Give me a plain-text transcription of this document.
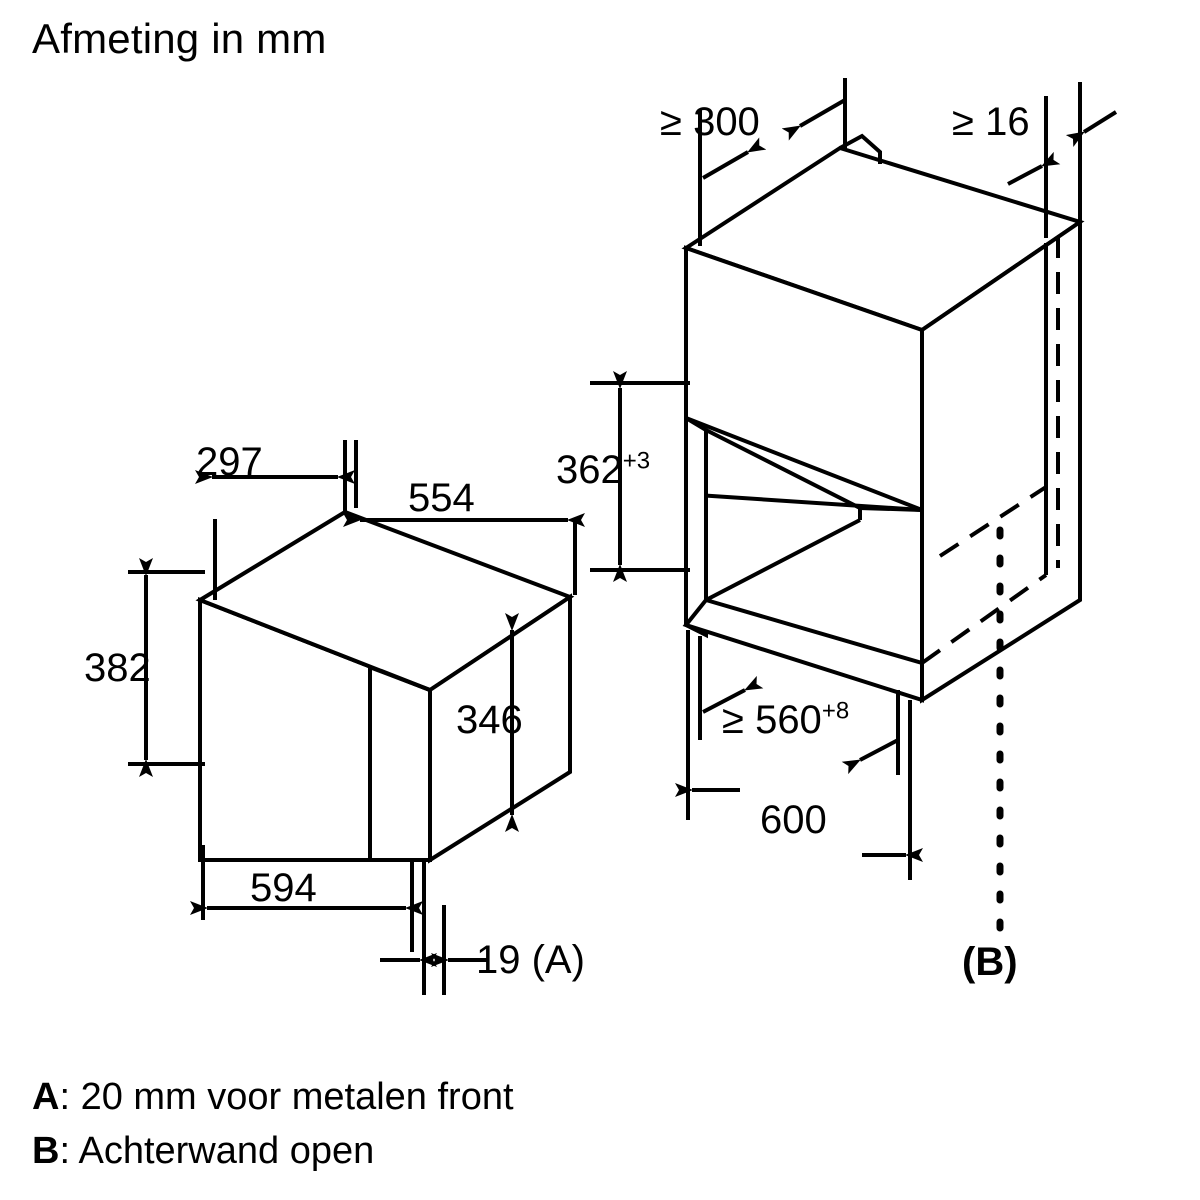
Afmeting in mm
297
554
382
346
594
19 (A)
≥ 300	≥ 16
$362^{+3}$
≥ $560^{+8}$
600
(B)
A: 20 mm voor metalen front
B: Achterwand open
